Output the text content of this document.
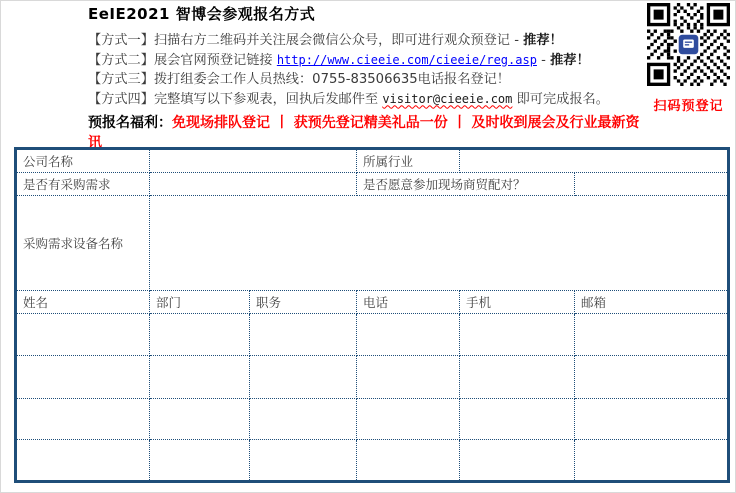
EeIE2021 智博会参观报名方式
【方式一】扫描右方二维码并关注展会微信公众号，即可进行观众预登记 - 推荐！
【方式二】展会官网预登记链接 http://www.cieeie.com/cieeie/reg.asp - 推荐！
【方式三】拨打组委会工作人员热线：0755-83506635电话报名登记！
【方式四】完整填写以下参观表，回执后发邮件至 visitor@cieeie.com 即可完成报名。
预报名福利：免现场排队登记 丨 获预先登记精美礼品一份 丨 及时收到展会及行业最新资讯
扫码预登记
公司名称			所属行业		
是否有采购需求			是否愿意参加现场商贸配对？		
采购需求设备名称					
姓名	部门	职务	电话	手机	邮箱
